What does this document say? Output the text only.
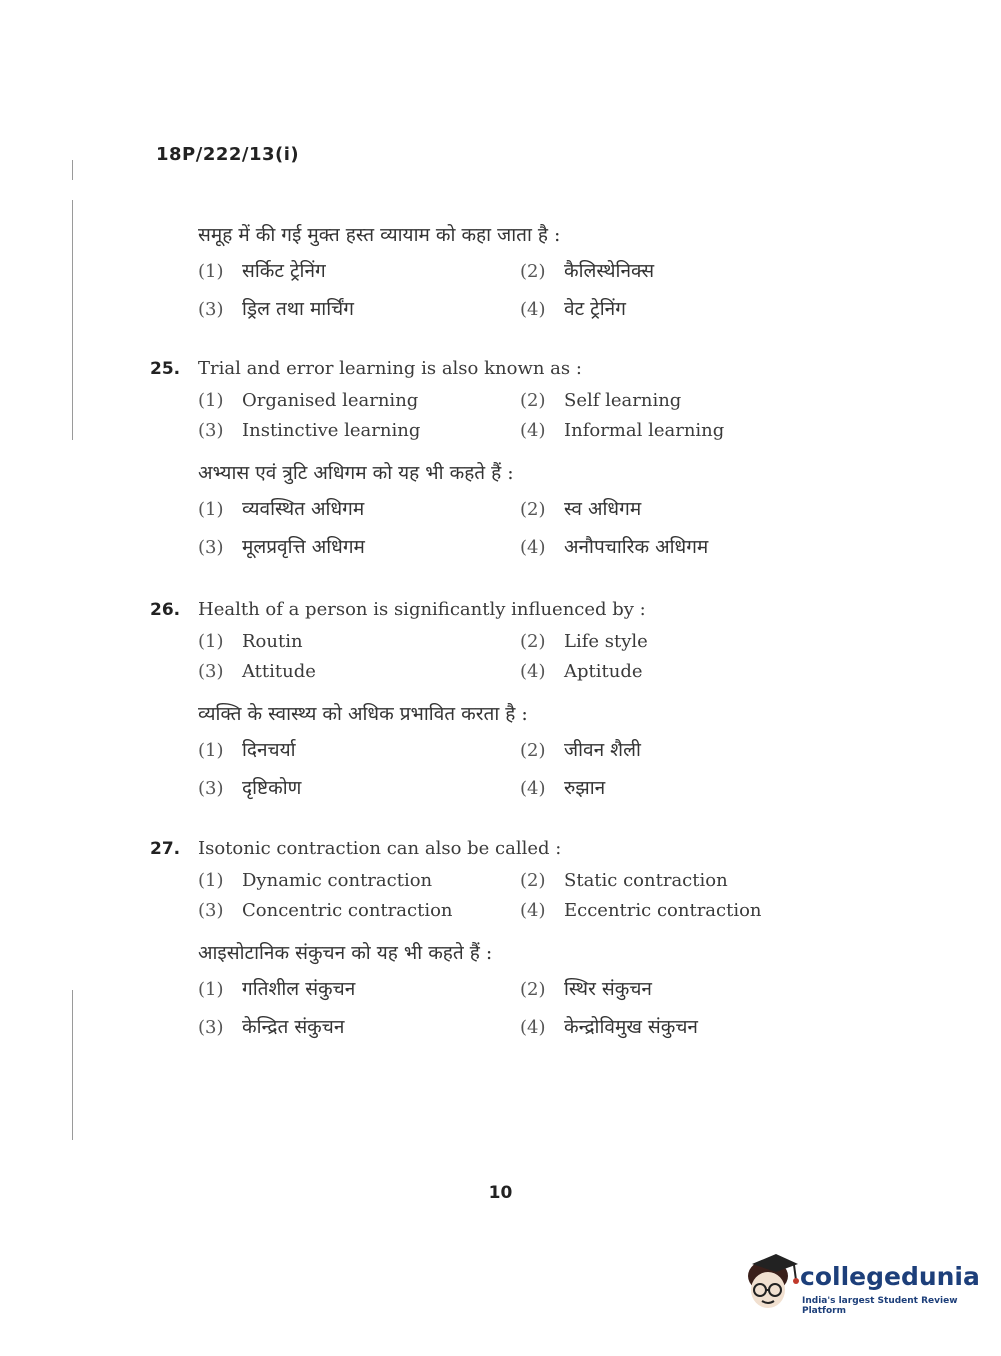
18P/222/13(i)
समूह में की गई मुक्त हस्त व्यायाम को कहा जाता है :
(1) सर्किट ट्रेनिंग	(2) कैलिस्थेनिक्स
(3) ड्रिल तथा मार्चिंग	(4) वेट ट्रेनिंग
25. Trial and error learning is also known as :
(1) Organised learning	(2) Self learning
(3) Instinctive learning	(4) Informal learning
अभ्यास एवं त्रुटि अधिगम को यह भी कहते हैं :
(1) व्यवस्थित अधिगम	(2) स्व अधिगम
(3) मूलप्रवृत्ति अधिगम	(4) अनौपचारिक अधिगम
26. Health of a person is significantly influenced by :
(1) Routin	(2) Life style
(3) Attitude	(4) Aptitude
व्यक्ति के स्वास्थ्य को अधिक प्रभावित करता है :
(1) दिनचर्या	(2) जीवन शैली
(3) दृष्टिकोण	(4) रुझान
27. Isotonic contraction can also be called :
(1) Dynamic contraction	(2) Static contraction
(3) Concentric contraction	(4) Eccentric contraction
आइसोटानिक संकुचन को यह भी कहते हैं :
(1) गतिशील संकुचन	(2) स्थिर संकुचन
(3) केन्द्रित संकुचन	(4) केन्द्रोविमुख संकुचन
10
collegedunia
India's largest Student Review Platform
